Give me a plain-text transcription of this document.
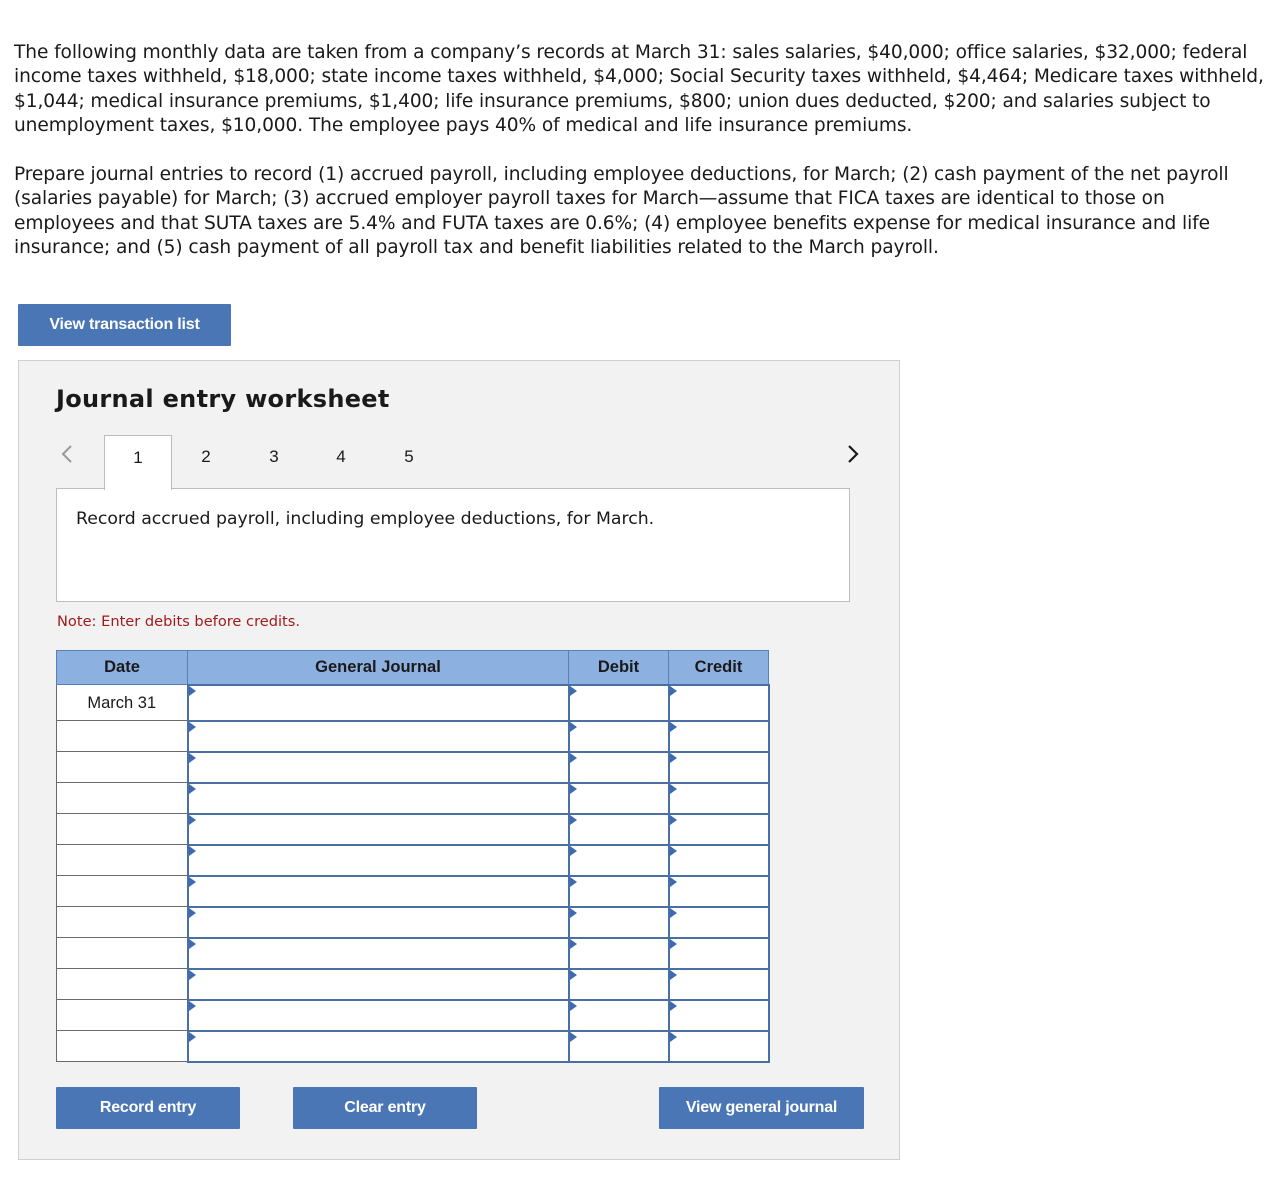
The following monthly data are taken from a company’s records at March 31: sales salaries, $40,000; office salaries, $32,000; federal income taxes withheld, $18,000; state income taxes withheld, $4,000; Social Security taxes withheld, $4,464; Medicare taxes withheld, $1,044; medical insurance premiums, $1,400; life insurance premiums, $800; union dues deducted, $200; and salaries subject to unemployment taxes, $10,000. The employee pays 40% of medical and life insurance premiums.

Prepare journal entries to record (1) accrued payroll, including employee deductions, for March; (2) cash payment of the net payroll (salaries payable) for March; (3) accrued employer payroll taxes for March—assume that FICA taxes are identical to those on employees and that SUTA taxes are 5.4% and FUTA taxes are 0.6%; (4) employee benefits expense for medical insurance and life insurance; and (5) cash payment of all payroll tax and benefit liabilities related to the March payroll.

View transaction list
Journal entry worksheet
1	2	3	4	5
Record accrued payroll, including employee deductions, for March.
Note: Enter debits before credits.
Date	General Journal	Debit	Credit
March 31			

Record entry	Clear entry	View general journal
